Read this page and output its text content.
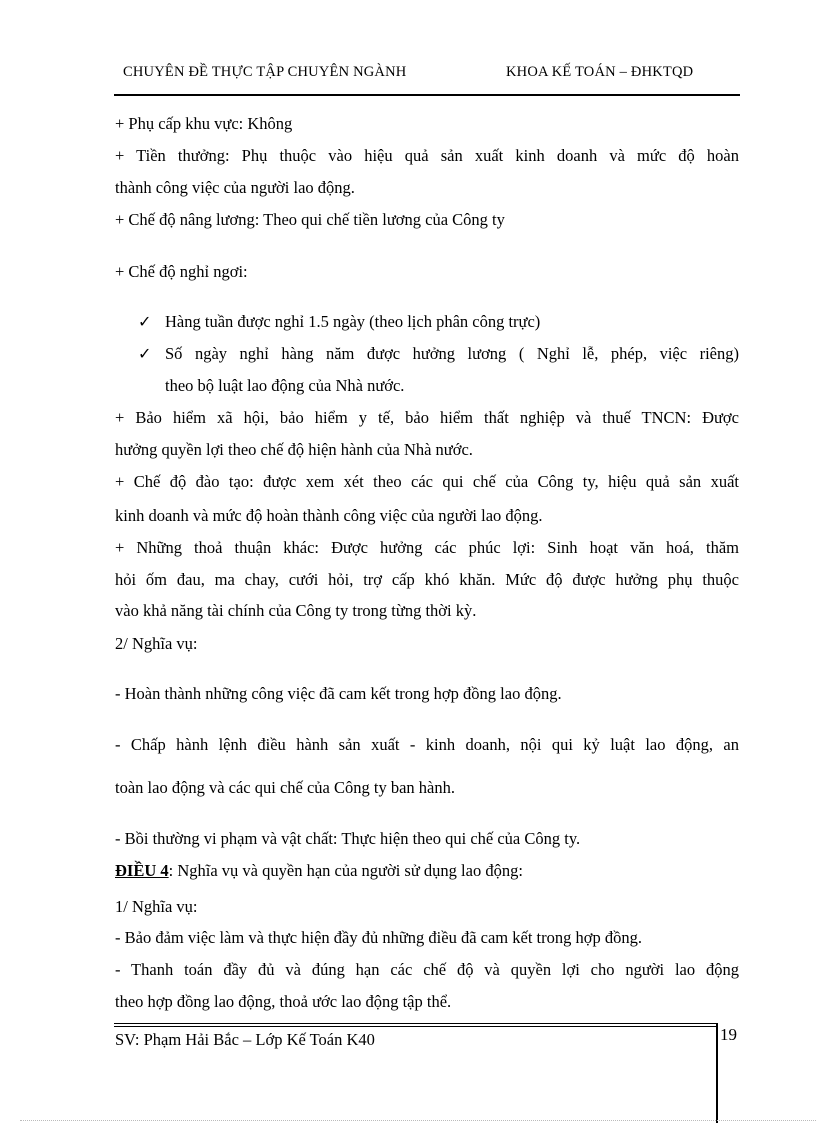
CHUYÊN ĐỀ THỰC TẬP CHUYÊN NGÀNH	KHOA KẾ TOÁN – ĐHKTQD
+ Phụ cấp khu vực: Không
+ Tiền thưởng: Phụ thuộc vào hiệu quả sản xuất kinh doanh và mức độ hoàn
thành công việc của người lao động.
+ Chế độ nâng lương: Theo qui chế tiền lương của Công ty
+ Chế độ nghỉ ngơi:
✓ Hàng tuần được nghỉ 1.5 ngày (theo lịch phân công trực)
✓ Số ngày nghỉ hàng năm được hưởng lương ( Nghỉ lễ, phép, việc riêng)
theo bộ luật lao động của Nhà nước.
+ Bảo hiểm xã hội, bảo hiểm y tế, bảo hiểm thất nghiệp và thuế TNCN: Được
hưởng quyền lợi theo chế độ hiện hành của Nhà nước.
+ Chế độ đào tạo: được xem xét theo các qui chế của Công ty, hiệu quả sản xuất
kinh doanh và mức độ hoàn thành công việc của người lao động.
+ Những thoả thuận khác: Được hưởng các phúc lợi: Sinh hoạt văn hoá, thăm
hỏi ốm đau, ma chay, cưới hỏi, trợ cấp khó khăn. Mức độ được hưởng phụ thuộc
vào khả năng tài chính của Công ty trong từng thời kỳ.
2/ Nghĩa vụ:
- Hoàn thành những công việc đã cam kết trong hợp đồng lao động.
- Chấp hành lệnh điều hành sản xuất - kinh doanh, nội qui kỷ luật lao động, an
toàn lao động và các qui chế của Công ty ban hành.
- Bồi thường vi phạm và vật chất: Thực hiện theo qui chế của Công ty.
ĐIỀU 4: Nghĩa vụ và quyền hạn của người sử dụng lao động:
1/ Nghĩa vụ:
- Bảo đảm việc làm và thực hiện đầy đủ những điều đã cam kết trong hợp đồng.
- Thanh toán đầy đủ và đúng hạn các chế độ và quyền lợi cho người lao động
theo hợp đồng lao động, thoả ước lao động tập thể.
SV: Phạm Hải Bắc – Lớp Kế Toán K40	19
